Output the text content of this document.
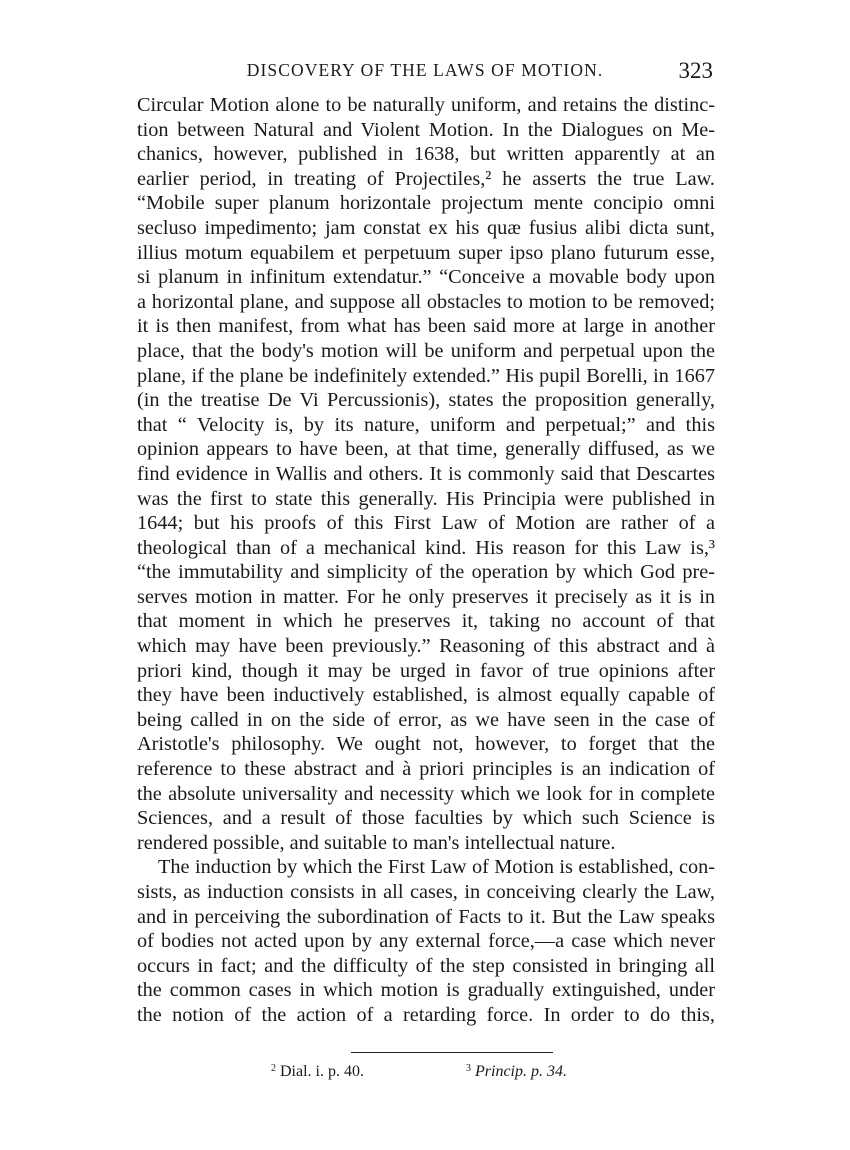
DISCOVERY OF THE LAWS OF MOTION.	323
Circular Motion alone to be naturally uniform, and retains the distinc-
tion between Natural and Violent Motion. In the Dialogues on Me-
chanics, however, published in 1638, but written apparently at an
earlier period, in treating of Projectiles,² he asserts the true Law.
“Mobile super planum horizontale projectum mente concipio omni
secluso impedimento; jam constat ex his quæ fusius alibi dicta sunt,
illius motum equabilem et perpetuum super ipso plano futurum esse,
si planum in infinitum extendatur.” “Conceive a movable body upon
a horizontal plane, and suppose all obstacles to motion to be removed;
it is then manifest, from what has been said more at large in another
place, that the body's motion will be uniform and perpetual upon the
plane, if the plane be indefinitely extended.” His pupil Borelli, in 1667
(in the treatise De Vi Percussionis), states the proposition generally,
that “ Velocity is, by its nature, uniform and perpetual;” and this
opinion appears to have been, at that time, generally diffused, as we
find evidence in Wallis and others. It is commonly said that Descartes
was the first to state this generally. His Principia were published in
1644; but his proofs of this First Law of Motion are rather of a
theological than of a mechanical kind. His reason for this Law is,³
“the immutability and simplicity of the operation by which God pre-
serves motion in matter. For he only preserves it precisely as it is in
that moment in which he preserves it, taking no account of that
which may have been previously.” Reasoning of this abstract and à
priori kind, though it may be urged in favor of true opinions after
they have been inductively established, is almost equally capable of
being called in on the side of error, as we have seen in the case of
Aristotle's philosophy. We ought not, however, to forget that the
reference to these abstract and à priori principles is an indication of
the absolute universality and necessity which we look for in complete
Sciences, and a result of those faculties by which such Science is
rendered possible, and suitable to man's intellectual nature.
The induction by which the First Law of Motion is established, con-
sists, as induction consists in all cases, in conceiving clearly the Law,
and in perceiving the subordination of Facts to it. But the Law speaks
of bodies not acted upon by any external force,—a case which never
occurs in fact; and the difficulty of the step consisted in bringing all
the common cases in which motion is gradually extinguished, under
the notion of the action of a retarding force. In order to do this,
$^2$ Dial. i. p. 40.	$^3$ Princip. p. 34.
